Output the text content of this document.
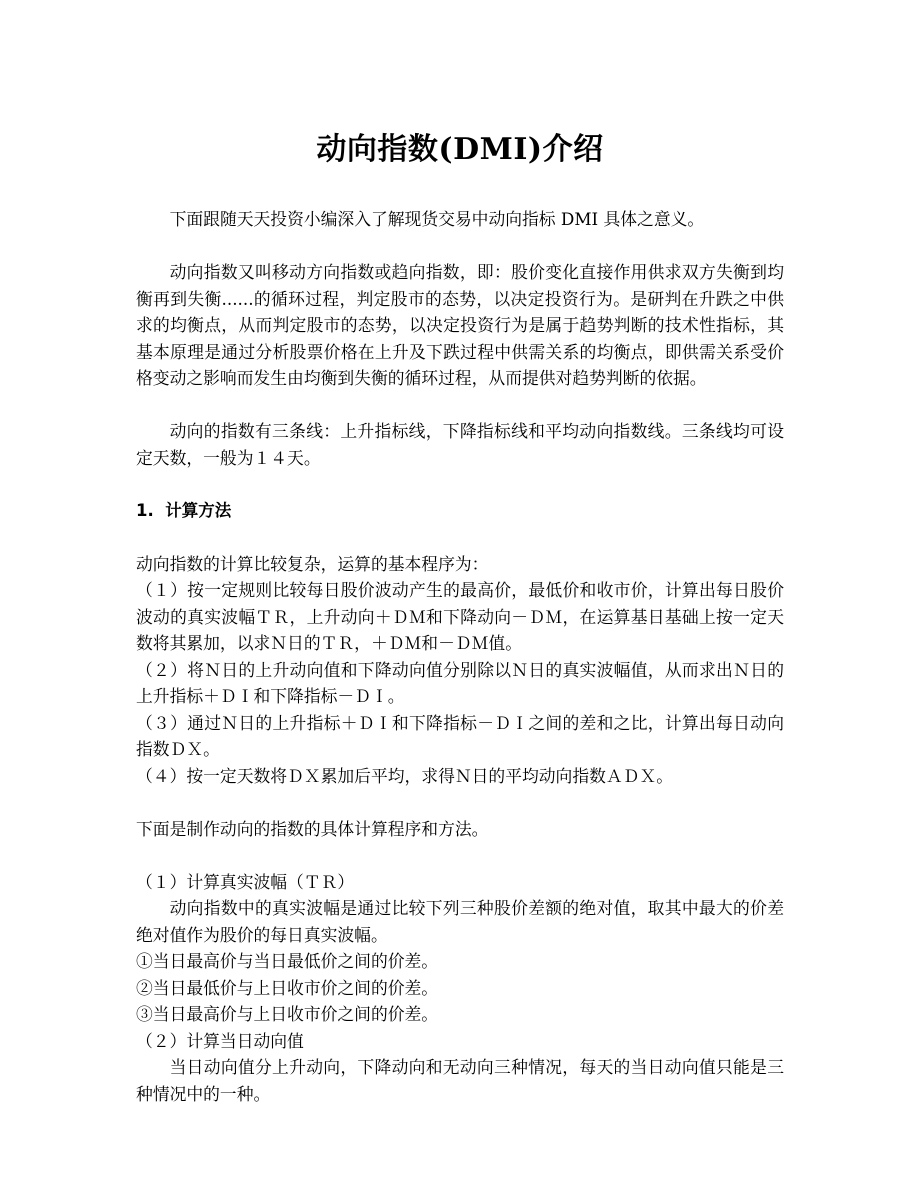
动向指数(DMI)介绍

下面跟随天天投资小编深入了解现货交易中动向指标 DMI 具体之意义。

动向指数又叫移动方向指数或趋向指数，即：股价变化直接作用供求双方失衡到均衡再到失衡......的循环过程，判定股市的态势，以决定投资行为。是研判在升跌之中供求的均衡点，从而判定股市的态势，以决定投资行为是属于趋势判断的技术性指标，其基本原理是通过分析股票价格在上升及下跌过程中供需关系的均衡点，即供需关系受价格变动之影响而发生由均衡到失衡的循环过程，从而提供对趋势判断的依据。

动向的指数有三条线：上升指标线，下降指标线和平均动向指数线。三条线均可设定天数，一般为１４天。

1.  计算方法

动向指数的计算比较复杂，运算的基本程序为：

（１）按一定规则比较每日股价波动产生的最高价，最低价和收市价，计算出每日股价波动的真实波幅ＴＲ，上升动向＋ＤＭ和下降动向－ＤＭ，在运算基日基础上按一定天数将其累加，以求Ｎ日的ＴＲ，＋ＤＭ和－ＤＭ值。

（２）将Ｎ日的上升动向值和下降动向值分别除以Ｎ日的真实波幅值，从而求出Ｎ日的上升指标＋ＤＩ和下降指标－ＤＩ。

（３）通过Ｎ日的上升指标＋ＤＩ和下降指标－ＤＩ之间的差和之比，计算出每日动向指数ＤＸ。

（４）按一定天数将ＤＸ累加后平均，求得Ｎ日的平均动向指数ＡＤＸ。

下面是制作动向的指数的具体计算程序和方法。

（１）计算真实波幅（ＴＲ）

动向指数中的真实波幅是通过比较下列三种股价差额的绝对值，取其中最大的价差绝对值作为股价的每日真实波幅。

①当日最高价与当日最低价之间的价差。

②当日最低价与上日收市价之间的价差。

③当日最高价与上日收市价之间的价差。

（２）计算当日动向值

当日动向值分上升动向，下降动向和无动向三种情况，每天的当日动向值只能是三种情况中的一种。
